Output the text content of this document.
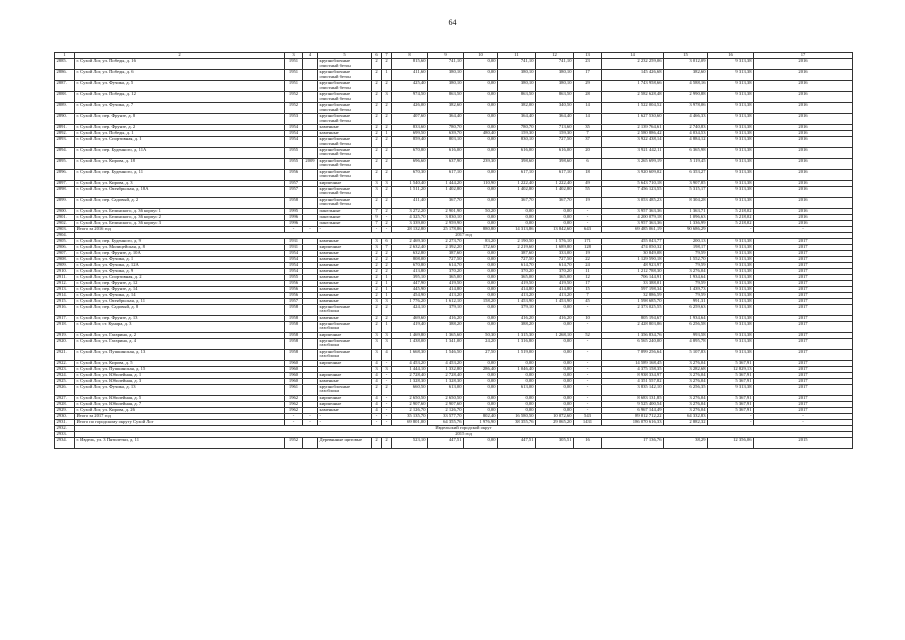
64
1	2	3	4	5	6	7	8	9	10	11	12	13	14	15	16	17
2885.	г. Сухой Лог, ул. Победы, д. 16	1951		крупноблочные очистный бетон	2	2	815,60	741,10	0,00	741,10	741,10	23	2 232 259,06	3 012,09	9 313,38	2016
2886.	г. Сухой Лог, ул. Победы, д. 6	1951		крупноблочные очистный бетон	2	1	411,60	380,10	0,00	380,10	380,10	17	145 426,68	382,60	9 313,38	2016
2887.	г. Сухой Лог, ул. Фучика, д. 5	1951		крупноблочные очистный бетон	2	2	425,40	380,10	0,00	380,10	380,10	29	1 743 958,66	4 588,16	9 313,38	2016
2888.	г. Сухой Лог, ул. Победы, д. 12	1952		крупноблочные очистный бетон	2	3	974,50	863,50	0,00	863,50	863,50	28	2 582 628,48	2 990,88	9 313,38	2016
2889.	г. Сухой Лог, ул. Фучика, д. 7	1952		крупноблочные очистный бетон	2	2	426,00	382,60	0,00	382,00	340,50	14	1 522 004,52	3 978,06	9 313,38	2016
2890.	г. Сухой Лог, пер. Фрунзе, д. 8	1953		крупноблочные очистный бетон	2	2	407,60	364,40	0,00	364,40	364,40	14	1 627 530,60	4 466,33	9 313,38	2016
2891.	г. Сухой Лог, пер. Фрунзе, д. 2	1954		каменные	2	2	833,60	780,70	0,00	780,70	713,60	35	2 139 764,61	2 740,83	9 313,38	2016
2892.	г. Сухой Лог, ул. Победы, д. 1	1954		каменные	2	1	699,50	639,70	480,40	159,30	159,30	7	2 580 886,42	4 034,53	9 313,38	2016
2893.	г. Сухой Лог, ул. Спортивная, д. 1	1954		крупноблочные очистный бетон	2	2	859,40	803,10	0,00	830,10	727,50	37	3 922 438,14	4 884,12	9 313,38	2016
2894.	г. Сухой Лог, пер. Буденного, д. 11А	1955		крупноблочные очистный бетон	2	2	670,80	616,00	0,00	616,00	616,00	20	3 921 442,11	6 365,98	9 313,38	2016
2895.	г. Сухой Лог, ул. Кирова, д. 18	1955	2009	крупноблочные очистный бетон	2	2	696,60	637,90	239,30	398,60	398,60	6	3 265 699,19	5 119,45	9 313,38	2016
2896.	г. Сухой Лог, пер. Буденного, д. 11	1956		крупноблочные очистный бетон	2	2	670,30	617,10	0,00	617,10	617,10	18	3 920 609,02	6 353,27	9 313,38	2016
2897.	г. Сухой Лог, ул. Кирова, д. 3	1957		кирпичные	3	3	1 540,40	1 444,20	110,90	1 222,40	1 222,40	49	5 643 710,18	3 907,85	9 313,38	2016
2898.	г. Сухой Лог, ул. Октябрьская, д. 18А	1957		крупноблочные очистный бетон	3	2	1 511,20	1 402,80	0,00	1 402,80	1 402,80	55	7 456 123,55	5 315,17	9 313,38	2016
2899.	г. Сухой Лог, пер. Садовый, д. 2	1958		крупноблочные очистный бетон	2	2	411,40	367,70	0,00	367,70	367,70	19	3 053 485,23	8 304,28	9 313,38	2016
2900.	г. Сухой Лог, ул. Белинского, д. 36 корпус 1	1995		панельные	7	2	3 272,20	2 901,90	50,20	0,00	0,00	-	3 957 363,36	1 363,71	5 218,02	2016
2901.	г. Сухой Лог, ул. Белинского, д. 36 корпус 2	1996		панельные	9	-	4 325,70	3 830,10	0,00	0,00	0,00	-	4 200 079,18	1 096,63	5 218,02	2016
2902.	г. Сухой Лог, ул. Белинского, д. 36 корпус 3	1996		панельные	7	2	3 339,00	2 959,90	0,00	0,00	0,00	-	3 957 363,36	1 336,99	5 218,02	2016
2903.	Итого за 2016 год	-	-	-	-	-	28 132,80	25 178,86	880,80	14 313,86	13 842,60	643	69 485 061,19	90 686,29	-	-
2904.	2017 год															
2905.	г. Сухой Лог, пер. Буденного, д. 9	1931		каменные	3	6	2 469,30	2 273,70	83,20	2 190,50	1 576,10	171	455 043,77	200,13	9 313,38	2017
2906.	г. Сухой Лог, ул. Милицейская, д. 8	1931		кирпичные	3	7	2 632,40	2 392,20	172,60	2 219,60	1 689,80	128	474 050,32	198,17	9 313,38	2017
2907.	г. Сухой Лог, пер. Фрунзе, д. 10А	1954		каменные	2	2	632,80	387,60	0,00	387,60	333,00	19	30 849,08	79,59	9 313,38	2017
2908.	г. Сухой Лог, ул. Фучика, д. 1	1954		каменные	2	2	808,00	727,50	0,00	727,50	727,50	22	1 129 590,18	1 552,70	9 313,38	2017
2909.	г. Сухой Лог, ул. Фучика, д. 12А	1954		каменные	2	2	670,80	614,70	0,00	614,70	614,70	24	48 923,97	79,59	9 313,38	2017
2910.	г. Сухой Лог, ул. Фучика, д. 9	1954		каменные	2	2	413,80	370,20	0,00	370,20	370,20	11	1 212 788,30	3 276,04	9 313,38	2017
2911.	г. Сухой Лог, ул. Спортивная, д. 2	1955		каменные	2	1	395,10	365,00	0,00	365,00	365,00	12	706 144,91	1 934,64	9 313,38	2017
2912.	г. Сухой Лог, пер. Фрунзе, д. 12	1956		каменные	2	1	447,90	419,50	0,00	419,50	419,50	17	33 388,01	79,59	9 313,38	2017
2913.	г. Сухой Лог, пер. Фрунзе, д. 14	1956		каменные	2	1	445,90	414,80	0,00	414,80	414,80	15	597 198,34	1 439,73	9 313,38	2017
2914.	г. Сухой Лог, ул. Фучика, д. 14	1956		каменные	2	1	454,90	413,20	0,00	413,20	413,20	7	32 886,59	79,59	9 313,38	2017
2915.	г. Сухой Лог, ул. Октябрьская, д. 11	1957		каменные	3	3	1 776,20	1 612,10	158,20	1 453,90	1 453,90	45	1 598 685,70	991,31	9 313,38	2017
2916.	г. Сухой Лог, пер. Садовый, д. 8	1958		крупноблочные газоблоки	2	2	424,10	379,10	0,00	379,10	0,00	-	2 373 025,55	6 259,63	9 313,38	2017
2917.	г. Сухой Лог, пер. Фрунзе, д. 13	1958		каменные	2	2	469,60	416,20	0,00	416,20	416,20	10	805 194,67	1 934,64	9 313,38	2017
2918.	г. Сухой Лог, ст. Кунара, д. 3	1958		крупноблочные газоблоки	2	1	419,40	388,20	0,00	388,20	0,00	-	2 428 803,86	6 256,58	9 313,38	2017
2919.	г. Сухой Лог, ул. Гагарина, д. 2	1958		кирпичные	3	3	1 469,80	1 365,60	50,30	1 315,30	1 268,10	52	1 356 834,76	993,58	9 313,38	2017
2920.	г. Сухой Лог, ул. Гагарина, д. 4	1958		крупноблочные газоблоки	3	3	1 438,00	1 341,00	24,20	1 316,80	0,00	-	6 565 240,00	4 895,78	9 313,38	2017
2921.	г. Сухой Лог, ул. Пушкинская, д. 13	1958		крупноблочные газоблоки	3	4	1 668,30	1 546,50	27,50	1 519,00	0,00	-	7 899 256,64	5 107,83	9 313,38	2017
2922.	г. Сухой Лог, ул. Кирова, д. 5	1960		кирпичные	4	-	4 453,20	4 453,20	0,00	0,00	0,00	-	14 589 168,45	3 276,04	5 367,91	2017
2923.	г. Сухой Лог, ул. Пушкинская, д. 15	1960			3	3	1 444,10	1 332,80	286,40	1 046,40	0,00	-	4 375 158,35	3 282,68	12 829,13	2017
2924.	г. Сухой Лог, ул. Юбилейная, д. 1	1960		кирпичные	4	-	2 728,40	2 728,40	0,00	0,00	0,00	-	8 938 334,97	3 276,04	5 367,91	2017
2925.	г. Сухой Лог, ул. Юбилейная, д. 3	1960		каменные	4	-	1 328,30	1 328,30	0,00	0,00	0,00	-	4 351 557,82	3 276,04	5 367,91	2017
2926.	г. Сухой Лог, ул. Фучика, д. 13	1961		крупноблочные газоблоки	2	2	660,50	613,00	0,00	613,00	0,00	-	3 835 142,10	6 256,35	9 313,38	2017
2927.	г. Сухой Лог, ул. Юбилейная, д. 5	1962		кирпичные	4	-	2 650,50	2 650,50	0,00	0,00	0,00	-	8 683 131,85	3 276,04	5 367,91	2017
2928.	г. Сухой Лог, ул. Юбилейная, д. 7	1962		кирпичные	4	-	2 907,60	2 907,60	0,00	0,00	0,00	-	9 525 400,54	3 276,04	5 367,91	2017
2929.	г. Сухой Лог, ул. Кирова, д. 26	1962		каменные	4	-	2 126,70	2 126,70	0,00	0,00	0,00	-	6 967 144,49	3 276,04	5 367,91	2017
2930.	Итого за 2017 год	-	-	-	-	-	35 135,70	33 577,70	802,40	16 580,50	10 072,60	543	89 012 712,22	64 332,83	-	-
2931.	Итого по городскому округу Сухой Лог	-	-	-	-	-	69 801,00	64 355,76	1 976,90	38 355,76	29 065,20	1431	186 070 616,33	2 882,32	-	-
2932.	Ивдельский городской округ															
2933.	2015 год															
2934.	г. Ивдель, ул. 3 Пятилетки, д. 11	1952		Деревянные щитовые	2	2	523,10	447,51	0,00	447,51	305,51	16	17 136,76	38,29	12 356,06	2015
